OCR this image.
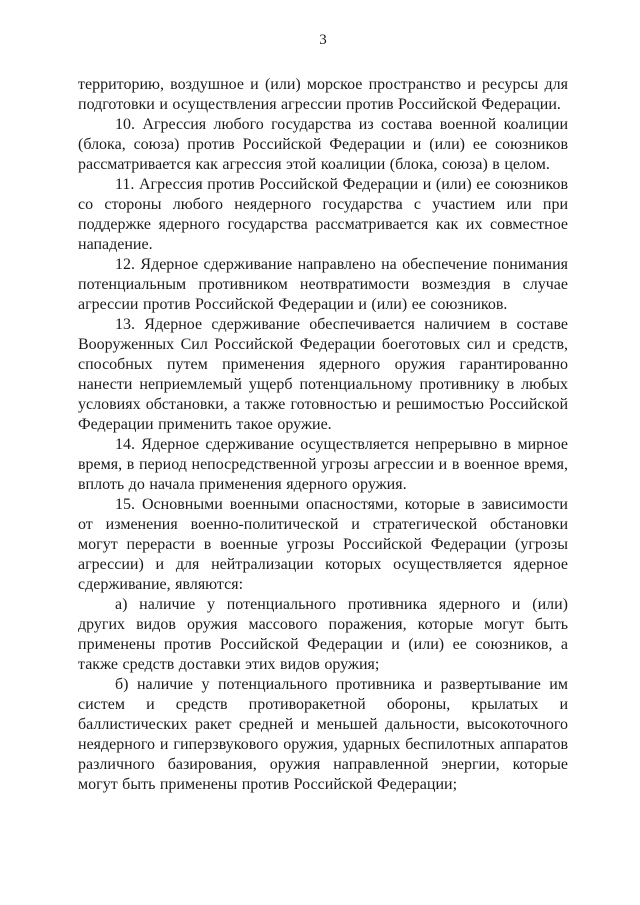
3

территорию, воздушное и (или) морское пространство и ресурсы для подготовки и осуществления агрессии против Российской Федерации.

10. Агрессия любого государства из состава военной коалиции (блока, союза) против Российской Федерации и (или) ее союзников рассматривается как агрессия этой коалиции (блока, союза) в целом.

11. Агрессия против Российской Федерации и (или) ее союзников со стороны любого неядерного государства с участием или при поддержке ядерного государства рассматривается как их совместное нападение.

12. Ядерное сдерживание направлено на обеспечение понимания потенциальным противником неотвратимости возмездия в случае агрессии против Российской Федерации и (или) ее союзников.

13. Ядерное сдерживание обеспечивается наличием в составе Вооруженных Сил Российской Федерации боеготовых сил и средств, способных путем применения ядерного оружия гарантированно нанести неприемлемый ущерб потенциальному противнику в любых условиях обстановки, а также готовностью и решимостью Российской Федерации применить такое оружие.

14. Ядерное сдерживание осуществляется непрерывно в мирное время, в период непосредственной угрозы агрессии и в военное время, вплоть до начала применения ядерного оружия.

15. Основными военными опасностями, которые в зависимости от изменения военно-политической и стратегической обстановки могут перерасти в военные угрозы Российской Федерации (угрозы агрессии) и для нейтрализации которых осуществляется ядерное сдерживание, являются:

а) наличие у потенциального противника ядерного и (или) других видов оружия массового поражения, которые могут быть применены против Российской Федерации и (или) ее союзников, а также средств доставки этих видов оружия;

б) наличие у потенциального противника и развертывание им систем и средств противоракетной обороны, крылатых и баллистических ракет средней и меньшей дальности, высокоточного неядерного и гиперзвукового оружия, ударных беспилотных аппаратов различного базирования, оружия направленной энергии, которые могут быть применены против Российской Федерации;
